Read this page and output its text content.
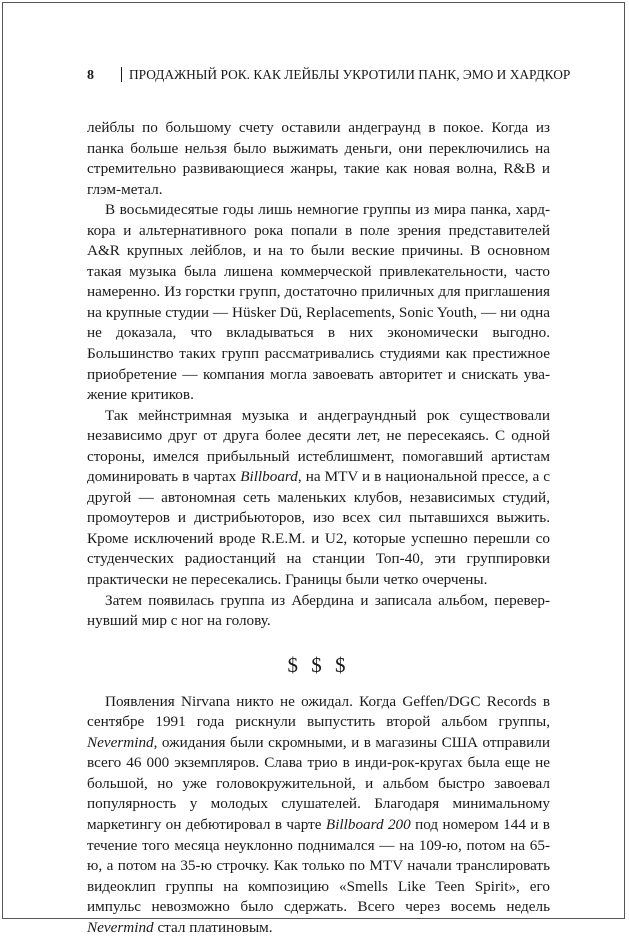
8	ПРОДАЖНЫЙ РОК. КАК ЛЕЙБЛЫ УКРОТИЛИ ПАНК, ЭМО И ХАРДКОР

лейблы по большому счету оставили андеграунд в покое. Когда из панка больше нельзя было выжимать деньги, они переключились на стремительно развивающиеся жанры, такие как новая волна, R&B и глэм-метал.

В восьмидесятые годы лишь немногие группы из мира панка, хардкора и альтернативного рока попали в поле зрения представителей A&R крупных лейблов, и на то были веские причины. В основном такая музыка была лишена коммерческой привлекательности, часто намеренно. Из горстки групп, достаточно приличных для приглашения на крупные студии — Hüsker Dü, Replacements, Sonic Youth, — ни одна не доказала, что вкладываться в них экономически выгодно. Большинство таких групп рассматривались студиями как престижное приобретение — компания могла завоевать авторитет и снискать уважение критиков.

Так мейнстримная музыка и андеграундный рок существовали независимо друг от друга более десяти лет, не пересекаясь. С одной стороны, имелся прибыльный истеблишмент, помогавший артистам доминировать в чартах Billboard, на MTV и в национальной прессе, а с другой — автономная сеть маленьких клубов, независимых студий, промоутеров и дистрибьюторов, изо всех сил пытавшихся выжить. Кроме исключений вроде R.E.M. и U2, которые успешно перешли со студенческих радиостанций на станции Топ-40, эти группировки практически не пересекались. Границы были четко очерчены.

Затем появилась группа из Абердина и записала альбом, перевернувший мир с ног на голову.

$ $ $

Появления Nirvana никто не ожидал. Когда Geffen/DGC Records в сентябре 1991 года рискнули выпустить второй альбом группы, Nevermind, ожидания были скромными, и в магазины США отправили всего 46 000 экземпляров. Слава трио в инди-рок-кругах была еще не большой, но уже головокружительной, и альбом быстро завоевал популярность у молодых слушателей. Благодаря минимальному маркетингу он дебютировал в чарте Billboard 200 под номером 144 и в течение того месяца неуклонно поднимался — на 109-ю, потом на 65-ю, а потом на 35-ю строчку. Как только по MTV начали транслировать видеоклип группы на композицию «Smells Like Teen Spirit», его импульс невозможно было сдержать. Всего через восемь недель Nevermind стал платиновым.
